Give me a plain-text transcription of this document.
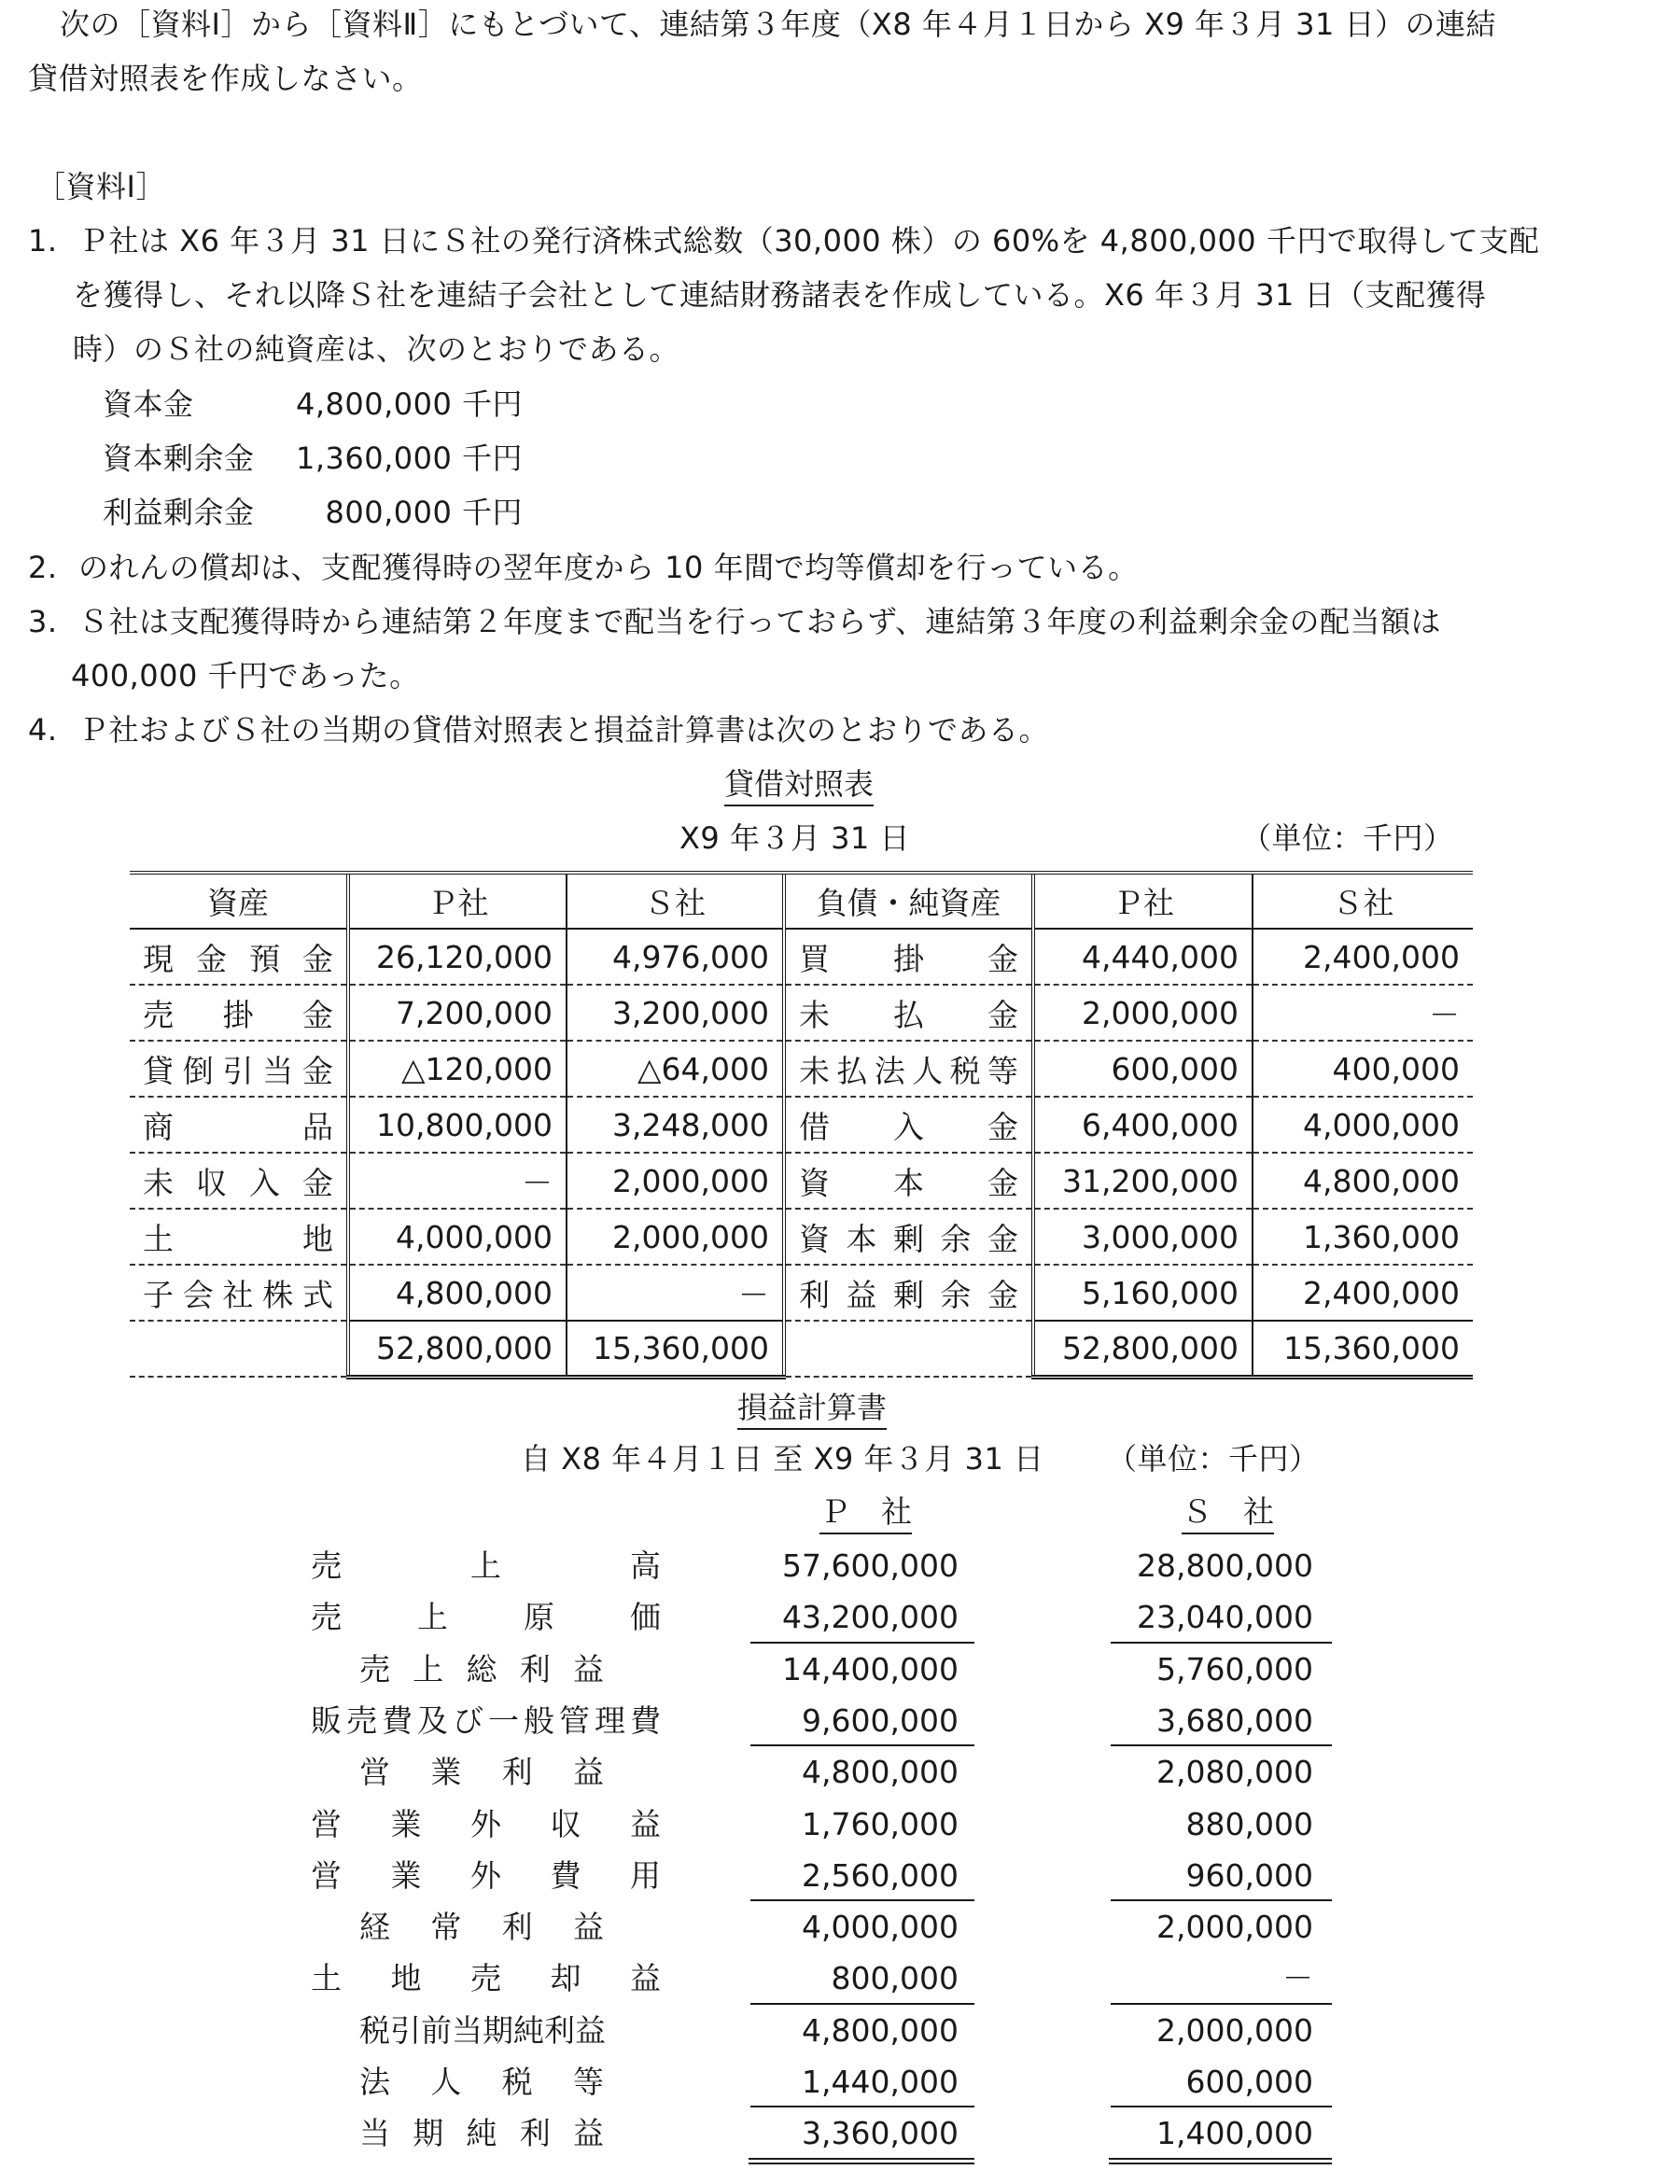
次の［資料Ⅰ］から［資料Ⅱ］にもとづいて、連結第３年度（X8 年４月１日から X9 年３月 31 日）の連結
貸借対照表を作成しなさい。
［資料Ⅰ］
1. Ｐ社は X6 年３月 31 日にＳ社の発行済株式総数（30,000 株）の 60%を 4,800,000 千円で取得して支配
を獲得し、それ以降Ｓ社を連結子会社として連結財務諸表を作成している。X6 年３月 31 日（支配獲得
時）のＳ社の純資産は、次のとおりである。
資本金	4,800,000 千円
資本剰余金 1,360,000 千円
利益剰余金	800,000 千円
2. のれんの償却は、支配獲得時の翌年度から 10 年間で均等償却を行っている。
3. Ｓ社は支配獲得時から連結第２年度まで配当を行っておらず、連結第３年度の利益剰余金の配当額は
400,000 千円であった。
4. Ｐ社およびＳ社の当期の貸借対照表と損益計算書は次のとおりである。
貸借対照表
X9 年３月 31 日	（単位：千円）
資産	Ｐ社	Ｓ社	負債・純資産	Ｐ社	Ｓ社
現金預金	26,120,000	4,976,000	買掛金	4,440,000	2,400,000
売掛金	7,200,000	3,200,000	未払金	2,000,000	－
貸倒引当金	△120,000	△64,000	未払法人税等	600,000	400,000
商品	10,800,000	3,248,000	借入金	6,400,000	4,000,000
未収入金	－	2,000,000	資本金	31,200,000	4,800,000
土地	4,000,000	2,000,000	資本剰余金	3,000,000	1,360,000
子会社株式	4,800,000	－	利益剰余金	5,160,000	2,400,000
	52,800,000	15,360,000		52,800,000	15,360,000
損益計算書
自 X8 年４月１日 至 X9 年３月 31 日 （単位：千円）
Ｐ　社	Ｓ　社
売上高	57,600,000	28,800,000
売上原価	43,200,000	23,040,000
売上総利益	14,400,000	5,760,000
販売費及び一般管理費	9,600,000	3,680,000
営業利益	4,800,000	2,080,000
営業外収益	1,760,000	880,000
営業外費用	2,560,000	960,000
経常利益	4,000,000	2,000,000
土地売却益	800,000	－
税引前当期純利益	4,800,000	2,000,000
法人税等	1,440,000	600,000
当期純利益	3,360,000	1,400,000
